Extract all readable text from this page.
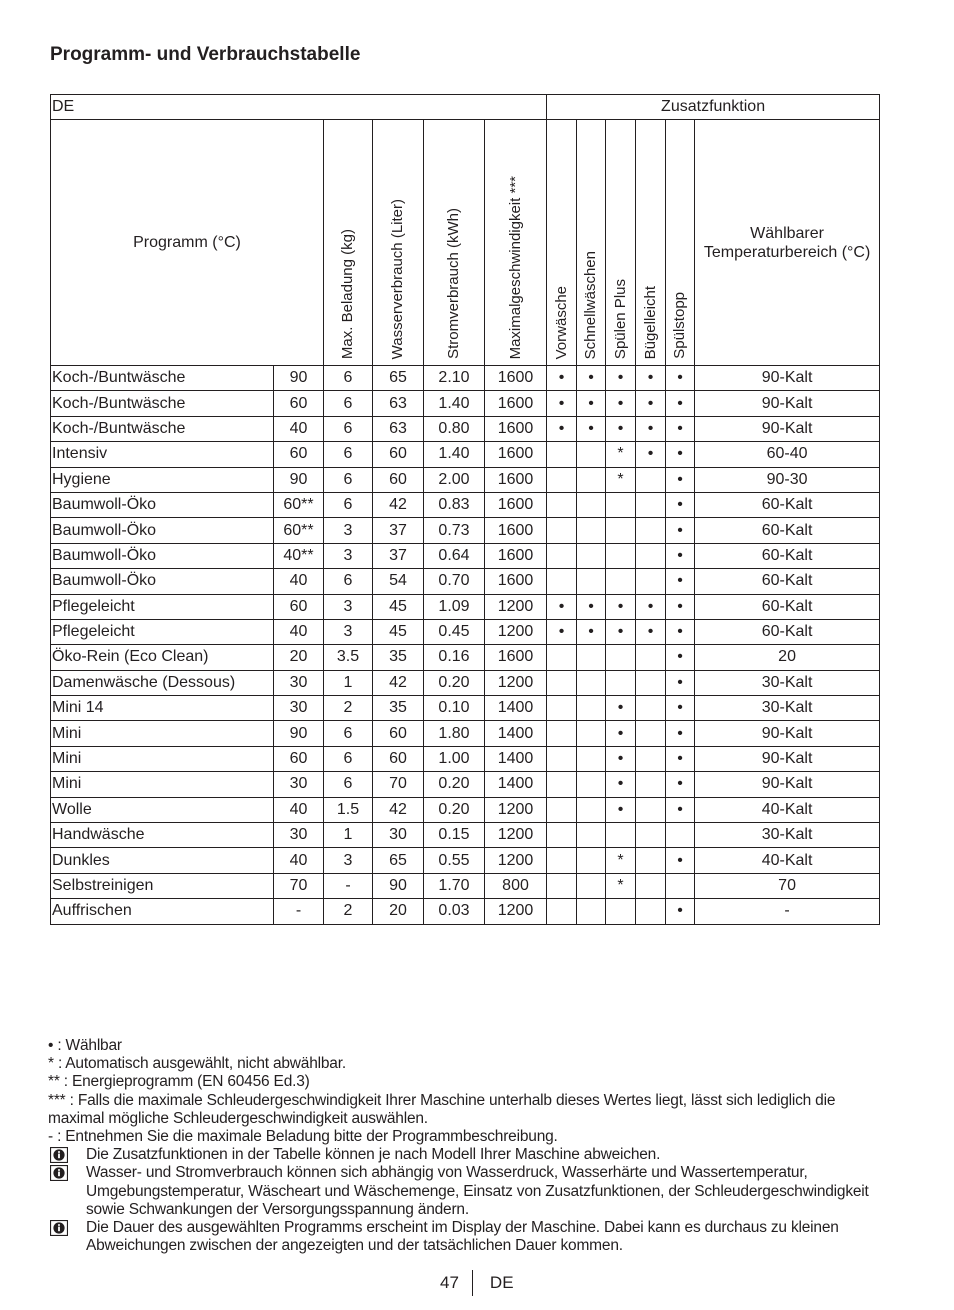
Programm- und Verbrauchstabelle
DE						Zusatzfunktion					
Programm (°C)		Max. Beladung (kg)	Wasserverbrauch (Liter)	Stromverbrauch (kWh)	Maximalgeschwindigkeit ***	Vorwäsche	Schnellwäschen	Spülen Plus	Bügelleicht	Spülstopp	Wählbarer
Temperaturbereich (°C)
Koch-/Buntwäsche	90	6	65	2.10	1600	•	•	•	•	•	90-Kalt
Koch-/Buntwäsche	60	6	63	1.40	1600	•	•	•	•	•	90-Kalt
Koch-/Buntwäsche	40	6	63	0.80	1600	•	•	•	•	•	90-Kalt
Intensiv	60	6	60	1.40	1600			*	•	•	60-40
Hygiene	90	6	60	2.00	1600			*		•	90-30
Baumwoll-Öko	60**	6	42	0.83	1600					•	60-Kalt
Baumwoll-Öko	60**	3	37	0.73	1600					•	60-Kalt
Baumwoll-Öko	40**	3	37	0.64	1600					•	60-Kalt
Baumwoll-Öko	40	6	54	0.70	1600					•	60-Kalt
Pflegeleicht	60	3	45	1.09	1200	•	•	•	•	•	60-Kalt
Pflegeleicht	40	3	45	0.45	1200	•	•	•	•	•	60-Kalt
Öko-Rein (Eco Clean)	20	3.5	35	0.16	1600					•	20
Damenwäsche (Dessous)	30	1	42	0.20	1200					•	30-Kalt
Mini 14	30	2	35	0.10	1400			•		•	30-Kalt
Mini	90	6	60	1.80	1400			•		•	90-Kalt
Mini	60	6	60	1.00	1400			•		•	90-Kalt
Mini	30	6	70	0.20	1400			•		•	90-Kalt
Wolle	40	1.5	42	0.20	1200			•		•	40-Kalt
Handwäsche	30	1	30	0.15	1200						30-Kalt
Dunkles	40	3	65	0.55	1200			*		•	40-Kalt
Selbstreinigen	70	-	90	1.70	800			*			70
Auffrischen	-	2	20	0.03	1200					•	-

• : Wählbar

* : Automatisch ausgewählt, nicht abwählbar.

** : Energieprogramm (EN 60456 Ed.3)

*** : Falls die maximale Schleudergeschwindigkeit Ihrer Maschine unterhalb dieses Wertes liegt, lässt sich lediglich die maximal mögliche Schleudergeschwindigkeit auswählen.

- : Entnehmen Sie die maximale Beladung bitte der Programmbeschreibung.

Die Zusatzfunktionen in der Tabelle können je nach Modell Ihrer Maschine abweichen.
Wasser- und Stromverbrauch können sich abhängig von Wasserdruck, Wasserhärte und Wassertemperatur, Umgebungstemperatur, Wäscheart und Wäschemenge, Einsatz von Zusatzfunktionen, der Schleudergeschwindigkeit sowie Schwankungen der Versorgungsspannung ändern.
Die Dauer des ausgewählten Programms erscheint im Display der Maschine. Dabei kann es durchaus zu kleinen Abweichungen zwischen der angezeigten und der tatsächlichen Dauer kommen.
47 DE
